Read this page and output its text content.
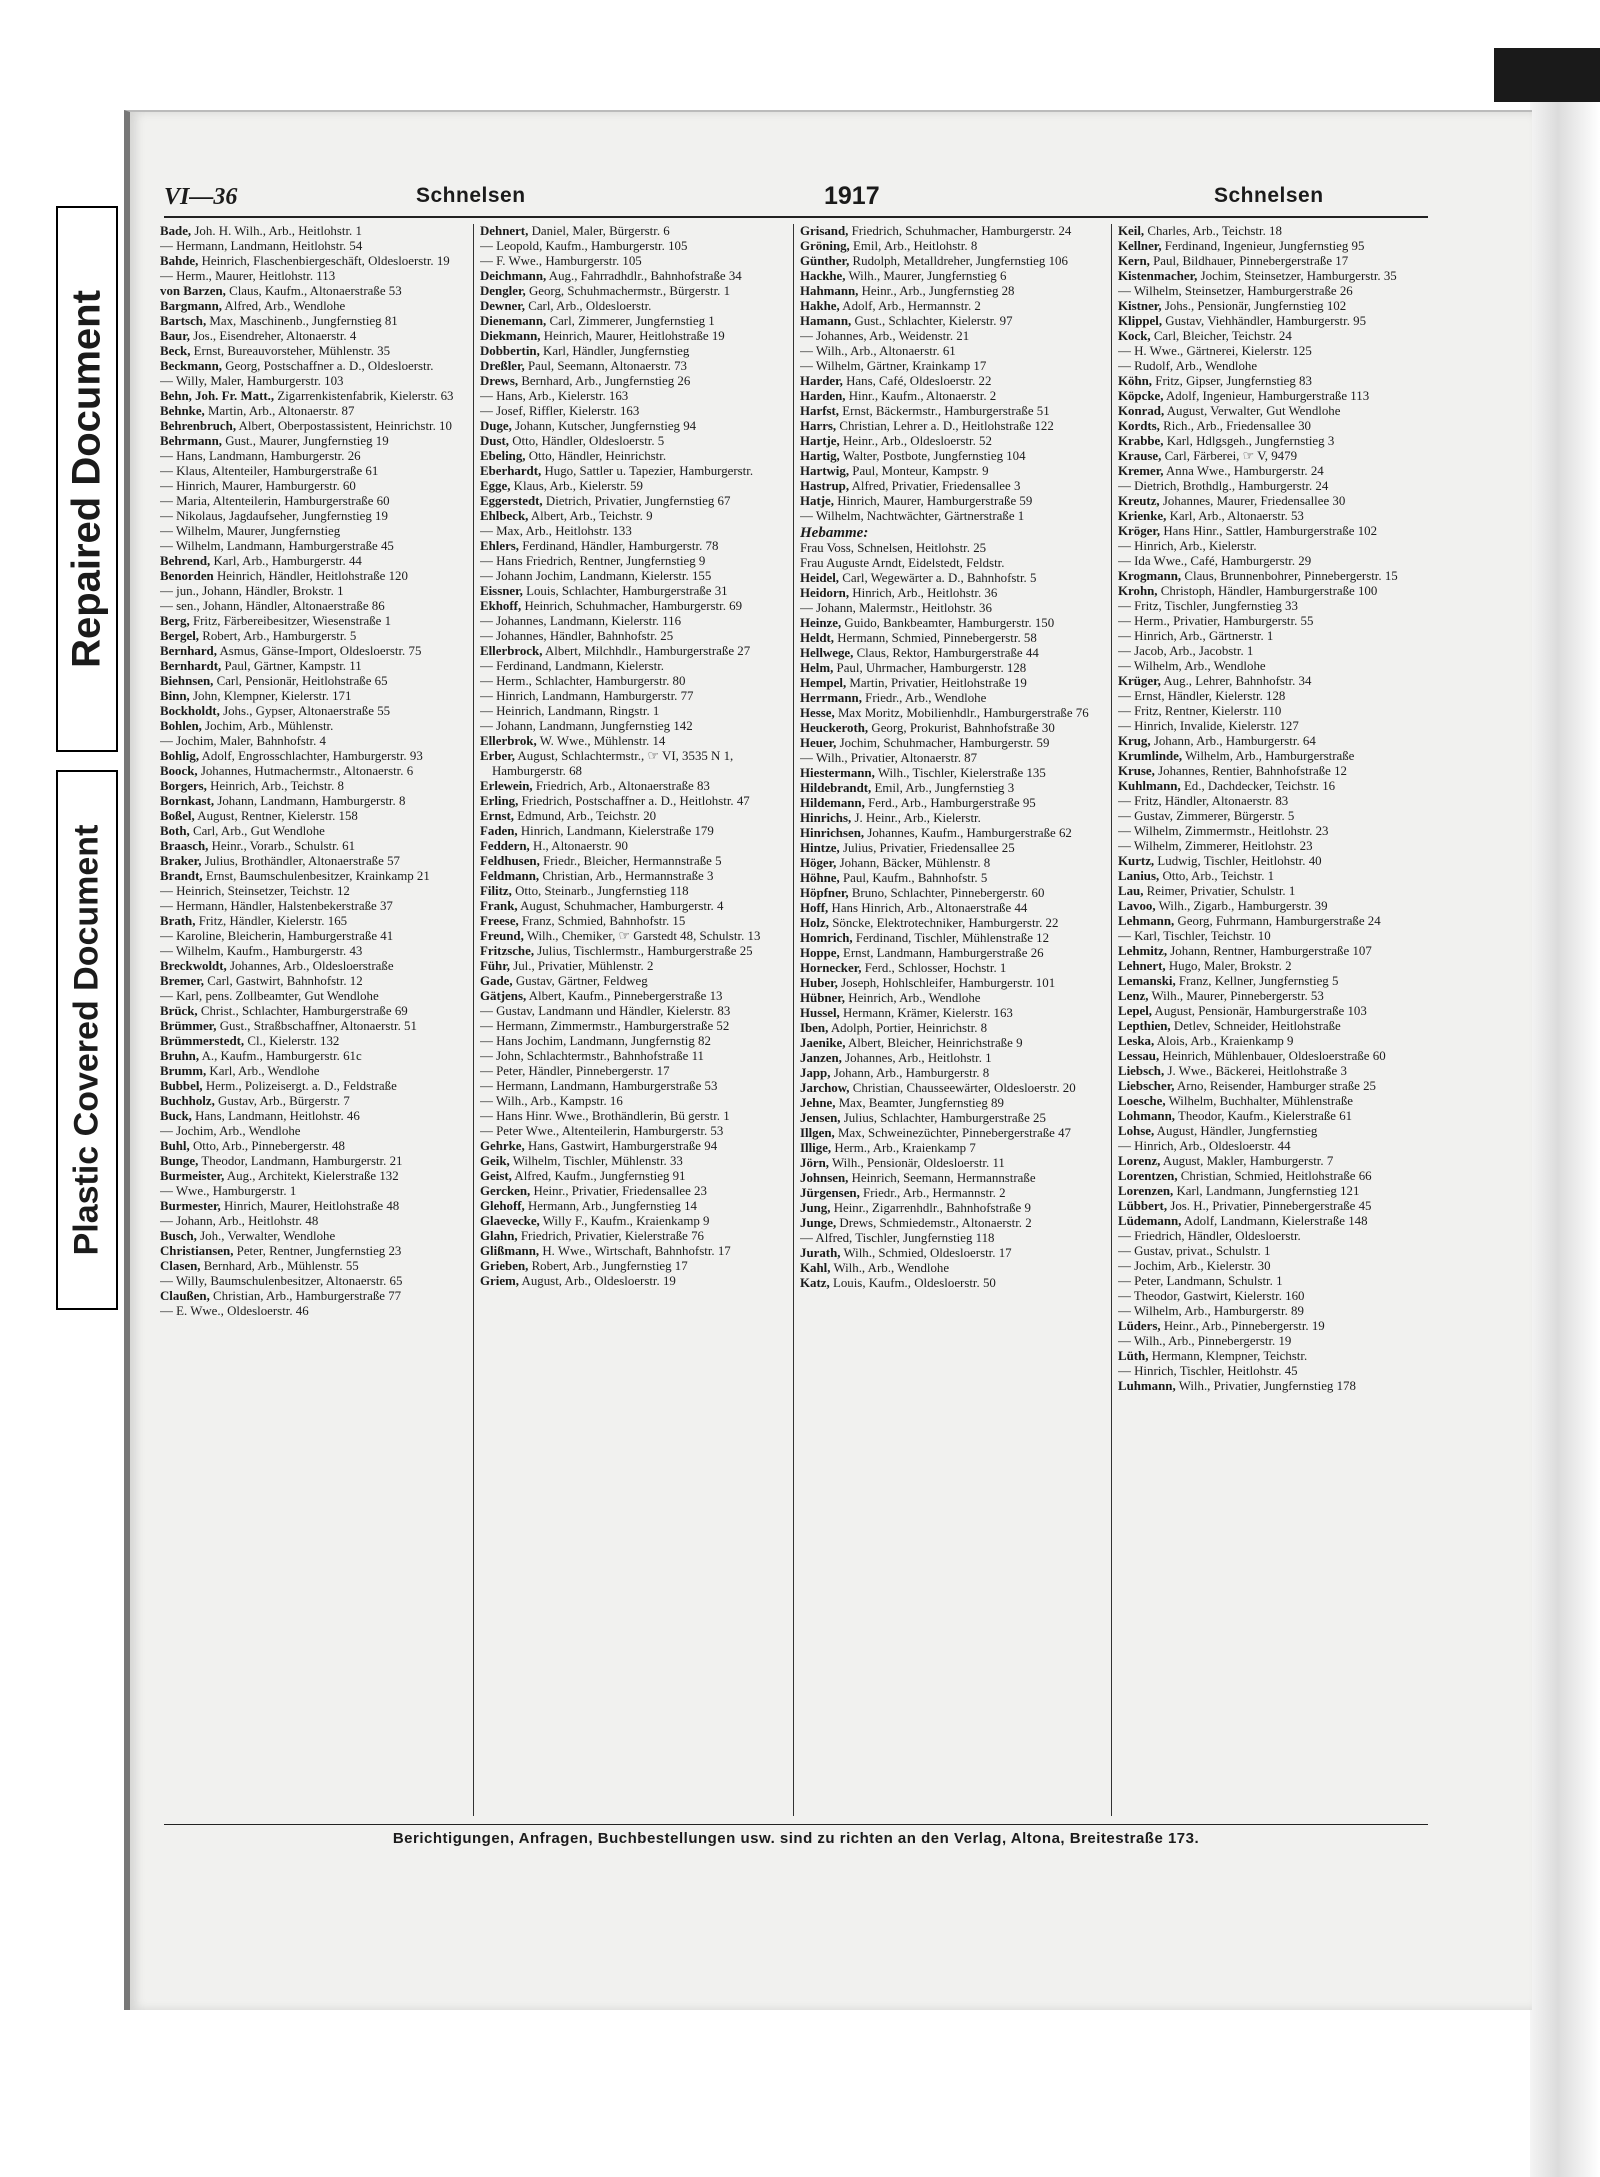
Repaired Document
Plastic Covered Document
VI—36	Schnelsen	1917	Schnelsen
Bade, Joh. H. Wilh., Arb., Heitlohstr. 1
— Hermann, Landmann, Heitlohstr. 54
Bahde, Heinrich, Flaschenbiergeschäft, Oldesloerstr. 19
— Herm., Maurer, Heitlohstr. 113
von Barzen, Claus, Kaufm., Altonaerstraße 53
Bargmann, Alfred, Arb., Wendlohe
Bartsch, Max, Maschinenb., Jungfernstieg 81
Baur, Jos., Eisendreher, Altonaerstr. 4
Beck, Ernst, Bureauvorsteher, Mühlenstr. 35
Beckmann, Georg, Postschaffner a. D., Oldesloerstr.
— Willy, Maler, Hamburgerstr. 103
Behn, Joh. Fr. Matt., Zigarrenkistenfabrik, Kielerstr. 63
Behnke, Martin, Arb., Altonaerstr. 87
Behrenbruch, Albert, Oberpostassistent, Heinrichstr. 10
Behrmann, Gust., Maurer, Jungfernstieg 19
— Hans, Landmann, Hamburgerstr. 26
— Klaus, Altenteiler, Hamburgerstraße 61
— Hinrich, Maurer, Hamburgerstr. 60
— Maria, Altenteilerin, Hamburgerstraße 60
— Nikolaus, Jagdaufseher, Jungfernstieg 19
— Wilhelm, Maurer, Jungfernstieg
— Wilhelm, Landmann, Hamburgerstraße 45
Behrend, Karl, Arb., Hamburgerstr. 44
Benorden Heinrich, Händler, Heitlohstraße 120
— jun., Johann, Händler, Brokstr. 1
— sen., Johann, Händler, Altonaerstraße 86
Berg, Fritz, Färbereibesitzer, Wiesenstraße 1
Bergel, Robert, Arb., Hamburgerstr. 5
Bernhard, Asmus, Gänse-Import, Oldesloerstr. 75
Bernhardt, Paul, Gärtner, Kampstr. 11
Biehnsen, Carl, Pensionär, Heitlohstraße 65
Binn, John, Klempner, Kielerstr. 171
Bockholdt, Johs., Gypser, Altonaerstraße 55
Bohlen, Jochim, Arb., Mühlenstr.
— Jochim, Maler, Bahnhofstr. 4
Bohlig, Adolf, Engrosschlachter, Hamburgerstr. 93
Boock, Johannes, Hutmachermstr., Altonaerstr. 6
Borgers, Heinrich, Arb., Teichstr. 8
Bornkast, Johann, Landmann, Hamburgerstr. 8
Boßel, August, Rentner, Kielerstr. 158
Both, Carl, Arb., Gut Wendlohe
Braasch, Heinr., Vorarb., Schulstr. 61
Braker, Julius, Brothändler, Altonaerstraße 57
Brandt, Ernst, Baumschulenbesitzer, Krainkamp 21
— Heinrich, Steinsetzer, Teichstr. 12
— Hermann, Händler, Halstenbekerstraße 37
Brath, Fritz, Händler, Kielerstr. 165
— Karoline, Bleicherin, Hamburgerstraße 41
— Wilhelm, Kaufm., Hamburgerstr. 43
Breckwoldt, Johannes, Arb., Oldesloerstraße
Bremer, Carl, Gastwirt, Bahnhofstr. 12
— Karl, pens. Zollbeamter, Gut Wendlohe
Brück, Christ., Schlachter, Hamburgerstraße 69
Brümmer, Gust., Straßbschaffner, Altonaerstr. 51
Brümmerstedt, Cl., Kielerstr. 132
Bruhn, A., Kaufm., Hamburgerstr. 61c
Brumm, Karl, Arb., Wendlohe
Bubbel, Herm., Polizeisergt. a. D., Feldstraße
Buchholz, Gustav, Arb., Bürgerstr. 7
Buck, Hans, Landmann, Heitlohstr. 46
— Jochim, Arb., Wendlohe
Buhl, Otto, Arb., Pinnebergerstr. 48
Bunge, Theodor, Landmann, Hamburgerstr. 21
Burmeister, Aug., Architekt, Kielerstraße 132
— Wwe., Hamburgerstr. 1
Burmester, Hinrich, Maurer, Heitlohstraße 48
— Johann, Arb., Heitlohstr. 48
Busch, Joh., Verwalter, Wendlohe
Christiansen, Peter, Rentner, Jungfernstieg 23
Clasen, Bernhard, Arb., Mühlenstr. 55
— Willy, Baumschulenbesitzer, Altonaerstr. 65
Claußen, Christian, Arb., Hamburgerstraße 77
— E. Wwe., Oldesloerstr. 46
Dehnert, Daniel, Maler, Bürgerstr. 6
— Leopold, Kaufm., Hamburgerstr. 105
— F. Wwe., Hamburgerstr. 105
Deichmann, Aug., Fahrradhdlr., Bahnhofstraße 34
Dengler, Georg, Schuhmachermstr., Bürgerstr. 1
Dewner, Carl, Arb., Oldesloerstr.
Dienemann, Carl, Zimmerer, Jungfernstieg 1
Diekmann, Heinrich, Maurer, Heitlohstraße 19
Dobbertin, Karl, Händler, Jungfernstieg
Dreßler, Paul, Seemann, Altonaerstr. 73
Drews, Bernhard, Arb., Jungfernstieg 26
— Hans, Arb., Kielerstr. 163
— Josef, Riffler, Kielerstr. 163
Duge, Johann, Kutscher, Jungfernstieg 94
Dust, Otto, Händler, Oldesloerstr. 5
Ebeling, Otto, Händler, Heinrichstr.
Eberhardt, Hugo, Sattler u. Tapezier, Hamburgerstr.
Egge, Klaus, Arb., Kielerstr. 59
Eggerstedt, Dietrich, Privatier, Jungfernstieg 67
Ehlbeck, Albert, Arb., Teichstr. 9
— Max, Arb., Heitlohstr. 133
Ehlers, Ferdinand, Händler, Hamburgerstr. 78
— Hans Friedrich, Rentner, Jungfernstieg 9
— Johann Jochim, Landmann, Kielerstr. 155
Eissner, Louis, Schlachter, Hamburgerstraße 31
Ekhoff, Heinrich, Schuhmacher, Hamburgerstr. 69
— Johannes, Landmann, Kielerstr. 116
— Johannes, Händler, Bahnhofstr. 25
Ellerbrock, Albert, Milchhdlr., Hamburgerstraße 27
— Ferdinand, Landmann, Kielerstr.
— Herm., Schlachter, Hamburgerstr. 80
— Hinrich, Landmann, Hamburgerstr. 77
— Heinrich, Landmann, Ringstr. 1
— Johann, Landmann, Jungfernstieg 142
Ellerbrok, W. Wwe., Mühlenstr. 14
Erber, August, Schlachtermstr., ☞ VI, 3535 N 1, Hamburgerstr. 68
Erlewein, Friedrich, Arb., Altonaerstraße 83
Erling, Friedrich, Postschaffner a. D., Heitlohstr. 47
Ernst, Edmund, Arb., Teichstr. 20
Faden, Hinrich, Landmann, Kielerstraße 179
Feddern, H., Altonaerstr. 90
Feldhusen, Friedr., Bleicher, Hermannstraße 5
Feldmann, Christian, Arb., Hermannstraße 3
Filitz, Otto, Steinarb., Jungfernstieg 118
Frank, August, Schuhmacher, Hamburgerstr. 4
Freese, Franz, Schmied, Bahnhofstr. 15
Freund, Wilh., Chemiker, ☞ Garstedt 48, Schulstr. 13
Fritzsche, Julius, Tischlermstr., Hamburgerstraße 25
Führ, Jul., Privatier, Mühlenstr. 2
Gade, Gustav, Gärtner, Feldweg
Gätjens, Albert, Kaufm., Pinnebergerstraße 13
— Gustav, Landmann und Händler, Kielerstr. 83
— Hermann, Zimmermstr., Hamburgerstraße 52
— Hans Jochim, Landmann, Jungfernstig 82
— John, Schlachtermstr., Bahnhofstraße 11
— Peter, Händler, Pinnebergerstr. 17
— Hermann, Landmann, Hamburgerstraße 53
— Wilh., Arb., Kampstr. 16
— Hans Hinr. Wwe., Brothändlerin, Bü gerstr. 1
— Peter Wwe., Altenteilerin, Hamburgerstr. 53
Gehrke, Hans, Gastwirt, Hamburgerstraße 94
Geik, Wilhelm, Tischler, Mühlenstr. 33
Geist, Alfred, Kaufm., Jungfernstieg 91
Gercken, Heinr., Privatier, Friedensallee 23
Glehoff, Hermann, Arb., Jungfernstieg 14
Glaevecke, Willy F., Kaufm., Kraienkamp 9
Glahn, Friedrich, Privatier, Kielerstraße 76
Glißmann, H. Wwe., Wirtschaft, Bahnhofstr. 17
Grieben, Robert, Arb., Jungfernstieg 17
Griem, August, Arb., Oldesloerstr. 19
Grisand, Friedrich, Schuhmacher, Hamburgerstr. 24
Gröning, Emil, Arb., Heitlohstr. 8
Günther, Rudolph, Metalldreher, Jungfernstieg 106
Hackhe, Wilh., Maurer, Jungfernstieg 6
Hahmann, Heinr., Arb., Jungfernstieg 28
Hakhe, Adolf, Arb., Hermannstr. 2
Hamann, Gust., Schlachter, Kielerstr. 97
— Johannes, Arb., Weidenstr. 21
— Wilh., Arb., Altonaerstr. 61
— Wilhelm, Gärtner, Krainkamp 17
Harder, Hans, Café, Oldesloerstr. 22
Harden, Hinr., Kaufm., Altonaerstr. 2
Harfst, Ernst, Bäckermstr., Hamburgerstraße 51
Harrs, Christian, Lehrer a. D., Heitlohstraße 122
Hartje, Heinr., Arb., Oldesloerstr. 52
Hartig, Walter, Postbote, Jungfernstieg 104
Hartwig, Paul, Monteur, Kampstr. 9
Hastrup, Alfred, Privatier, Friedensallee 3
Hatje, Hinrich, Maurer, Hamburgerstraße 59
— Wilhelm, Nachtwächter, Gärtnerstraße 1
Hebamme:
Frau Voss, Schnelsen, Heitlohstr. 25
Frau Auguste Arndt, Eidelstedt, Feldstr.
Heidel, Carl, Wegewärter a. D., Bahnhofstr. 5
Heidorn, Hinrich, Arb., Heitlohstr. 36
— Johann, Malermstr., Heitlohstr. 36
Heinze, Guido, Bankbeamter, Hamburgerstr. 150
Heldt, Hermann, Schmied, Pinnebergerstr. 58
Hellwege, Claus, Rektor, Hamburgerstraße 44
Helm, Paul, Uhrmacher, Hamburgerstr. 128
Hempel, Martin, Privatier, Heitlohstraße 19
Herrmann, Friedr., Arb., Wendlohe
Hesse, Max Moritz, Mobilienhdlr., Hamburgerstraße 76
Heuckeroth, Georg, Prokurist, Bahnhofstraße 30
Heuer, Jochim, Schuhmacher, Hamburgerstr. 59
— Wilh., Privatier, Altonaerstr. 87
Hiestermann, Wilh., Tischler, Kielerstraße 135
Hildebrandt, Emil, Arb., Jungfernstieg 3
Hildemann, Ferd., Arb., Hamburgerstraße 95
Hinrichs, J. Heinr., Arb., Kielerstr.
Hinrichsen, Johannes, Kaufm., Hamburgerstraße 62
Hintze, Julius, Privatier, Friedensallee 25
Höger, Johann, Bäcker, Mühlenstr. 8
Höhne, Paul, Kaufm., Bahnhofstr. 5
Höpfner, Bruno, Schlachter, Pinnebergerstr. 60
Hoff, Hans Hinrich, Arb., Altonaerstraße 44
Holz, Söncke, Elektrotechniker, Hamburgerstr. 22
Homrich, Ferdinand, Tischler, Mühlenstraße 12
Hoppe, Ernst, Landmann, Hamburgerstraße 26
Hornecker, Ferd., Schlosser, Hochstr. 1
Huber, Joseph, Hohlschleifer, Hamburgerstr. 101
Hübner, Heinrich, Arb., Wendlohe
Hussel, Hermann, Krämer, Kielerstr. 163
Iben, Adolph, Portier, Heinrichstr. 8
Jaenike, Albert, Bleicher, Heinrichstraße 9
Janzen, Johannes, Arb., Heitlohstr. 1
Japp, Johann, Arb., Hamburgerstr. 8
Jarchow, Christian, Chausseewärter, Oldesloerstr. 20
Jehne, Max, Beamter, Jungfernstieg 89
Jensen, Julius, Schlachter, Hamburgerstraße 25
Illgen, Max, Schweinezüchter, Pinnebergerstraße 47
Illige, Herm., Arb., Kraienkamp 7
Jörn, Wilh., Pensionär, Oldesloerstr. 11
Johnsen, Heinrich, Seemann, Hermannstraße
Jürgensen, Friedr., Arb., Hermannstr. 2
Jung, Heinr., Zigarrenhdlr., Bahnhofstraße 9
Junge, Drews, Schmiedemstr., Altonaerstr. 2
— Alfred, Tischler, Jungfernstieg 118
Jurath, Wilh., Schmied, Oldesloerstr. 17
Kahl, Wilh., Arb., Wendlohe
Katz, Louis, Kaufm., Oldesloerstr. 50
Keil, Charles, Arb., Teichstr. 18
Kellner, Ferdinand, Ingenieur, Jungfernstieg 95
Kern, Paul, Bildhauer, Pinnebergerstraße 17
Kistenmacher, Jochim, Steinsetzer, Hamburgerstr. 35
— Wilhelm, Steinsetzer, Hamburgerstraße 26
Kistner, Johs., Pensionär, Jungfernstieg 102
Klippel, Gustav, Viehhändler, Hamburgerstr. 95
Kock, Carl, Bleicher, Teichstr. 24
— H. Wwe., Gärtnerei, Kielerstr. 125
— Rudolf, Arb., Wendlohe
Köhn, Fritz, Gipser, Jungfernstieg 83
Köpcke, Adolf, Ingenieur, Hamburgerstraße 113
Konrad, August, Verwalter, Gut Wendlohe
Kordts, Rich., Arb., Friedensallee 30
Krabbe, Karl, Hdlgsgeh., Jungfernstieg 3
Krause, Carl, Färberei, ☞ V, 9479
Kremer, Anna Wwe., Hamburgerstr. 24
— Dietrich, Brothdlg., Hamburgerstr. 24
Kreutz, Johannes, Maurer, Friedensallee 30
Krienke, Karl, Arb., Altonaerstr. 53
Kröger, Hans Hinr., Sattler, Hamburgerstraße 102
— Hinrich, Arb., Kielerstr.
— Ida Wwe., Café, Hamburgerstr. 29
Krogmann, Claus, Brunnenbohrer, Pinnebergerstr. 15
Krohn, Christoph, Händler, Hamburgerstraße 100
— Fritz, Tischler, Jungfernstieg 33
— Herm., Privatier, Hamburgerstr. 55
— Hinrich, Arb., Gärtnerstr. 1
— Jacob, Arb., Jacobstr. 1
— Wilhelm, Arb., Wendlohe
Krüger, Aug., Lehrer, Bahnhofstr. 34
— Ernst, Händler, Kielerstr. 128
— Fritz, Rentner, Kielerstr. 110
— Hinrich, Invalide, Kielerstr. 127
Krug, Johann, Arb., Hamburgerstr. 64
Krumlinde, Wilhelm, Arb., Hamburgerstraße
Kruse, Johannes, Rentier, Bahnhofstraße 12
Kuhlmann, Ed., Dachdecker, Teichstr. 16
— Fritz, Händler, Altonaerstr. 83
— Gustav, Zimmerer, Bürgerstr. 5
— Wilhelm, Zimmermstr., Heitlohstr. 23
— Wilhelm, Zimmerer, Heitlohstr. 23
Kurtz, Ludwig, Tischler, Heitlohstr. 40
Lanius, Otto, Arb., Teichstr. 1
Lau, Reimer, Privatier, Schulstr. 1
Lavoo, Wilh., Zigarb., Hamburgerstr. 39
Lehmann, Georg, Fuhrmann, Hamburgerstraße 24
— Karl, Tischler, Teichstr. 10
Lehmitz, Johann, Rentner, Hamburgerstraße 107
Lehnert, Hugo, Maler, Brokstr. 2
Lemanski, Franz, Kellner, Jungfernstieg 5
Lenz, Wilh., Maurer, Pinnebergerstr. 53
Lepel, August, Pensionär, Hamburgerstraße 103
Lepthien, Detlev, Schneider, Heitlohstraße
Leska, Alois, Arb., Kraienkamp 9
Lessau, Heinrich, Mühlenbauer, Oldesloerstraße 60
Liebsch, J. Wwe., Bäckerei, Heitlohstraße 3
Liebscher, Arno, Reisender, Hamburger straße 25
Loesche, Wilhelm, Buchhalter, Mühlenstraße
Lohmann, Theodor, Kaufm., Kielerstraße 61
Lohse, August, Händler, Jungfernstieg
— Hinrich, Arb., Oldesloerstr. 44
Lorenz, August, Makler, Hamburgerstr. 7
Lorentzen, Christian, Schmied, Heitlohstraße 66
Lorenzen, Karl, Landmann, Jungfernstieg 121
Lübbert, Jos. H., Privatier, Pinnebergerstraße 45
Lüdemann, Adolf, Landmann, Kielerstraße 148
— Friedrich, Händler, Oldesloerstr.
— Gustav, privat., Schulstr. 1
— Jochim, Arb., Kielerstr. 30
— Peter, Landmann, Schulstr. 1
— Theodor, Gastwirt, Kielerstr. 160
— Wilhelm, Arb., Hamburgerstr. 89
Lüders, Heinr., Arb., Pinnebergerstr. 19
— Wilh., Arb., Pinnebergerstr. 19
Lüth, Hermann, Klempner, Teichstr.
— Hinrich, Tischler, Heitlohstr. 45
Luhmann, Wilh., Privatier, Jungfernstieg 178
Berichtigungen, Anfragen, Buchbestellungen usw. sind zu richten an den Verlag, Altona, Breitestraße 173.
